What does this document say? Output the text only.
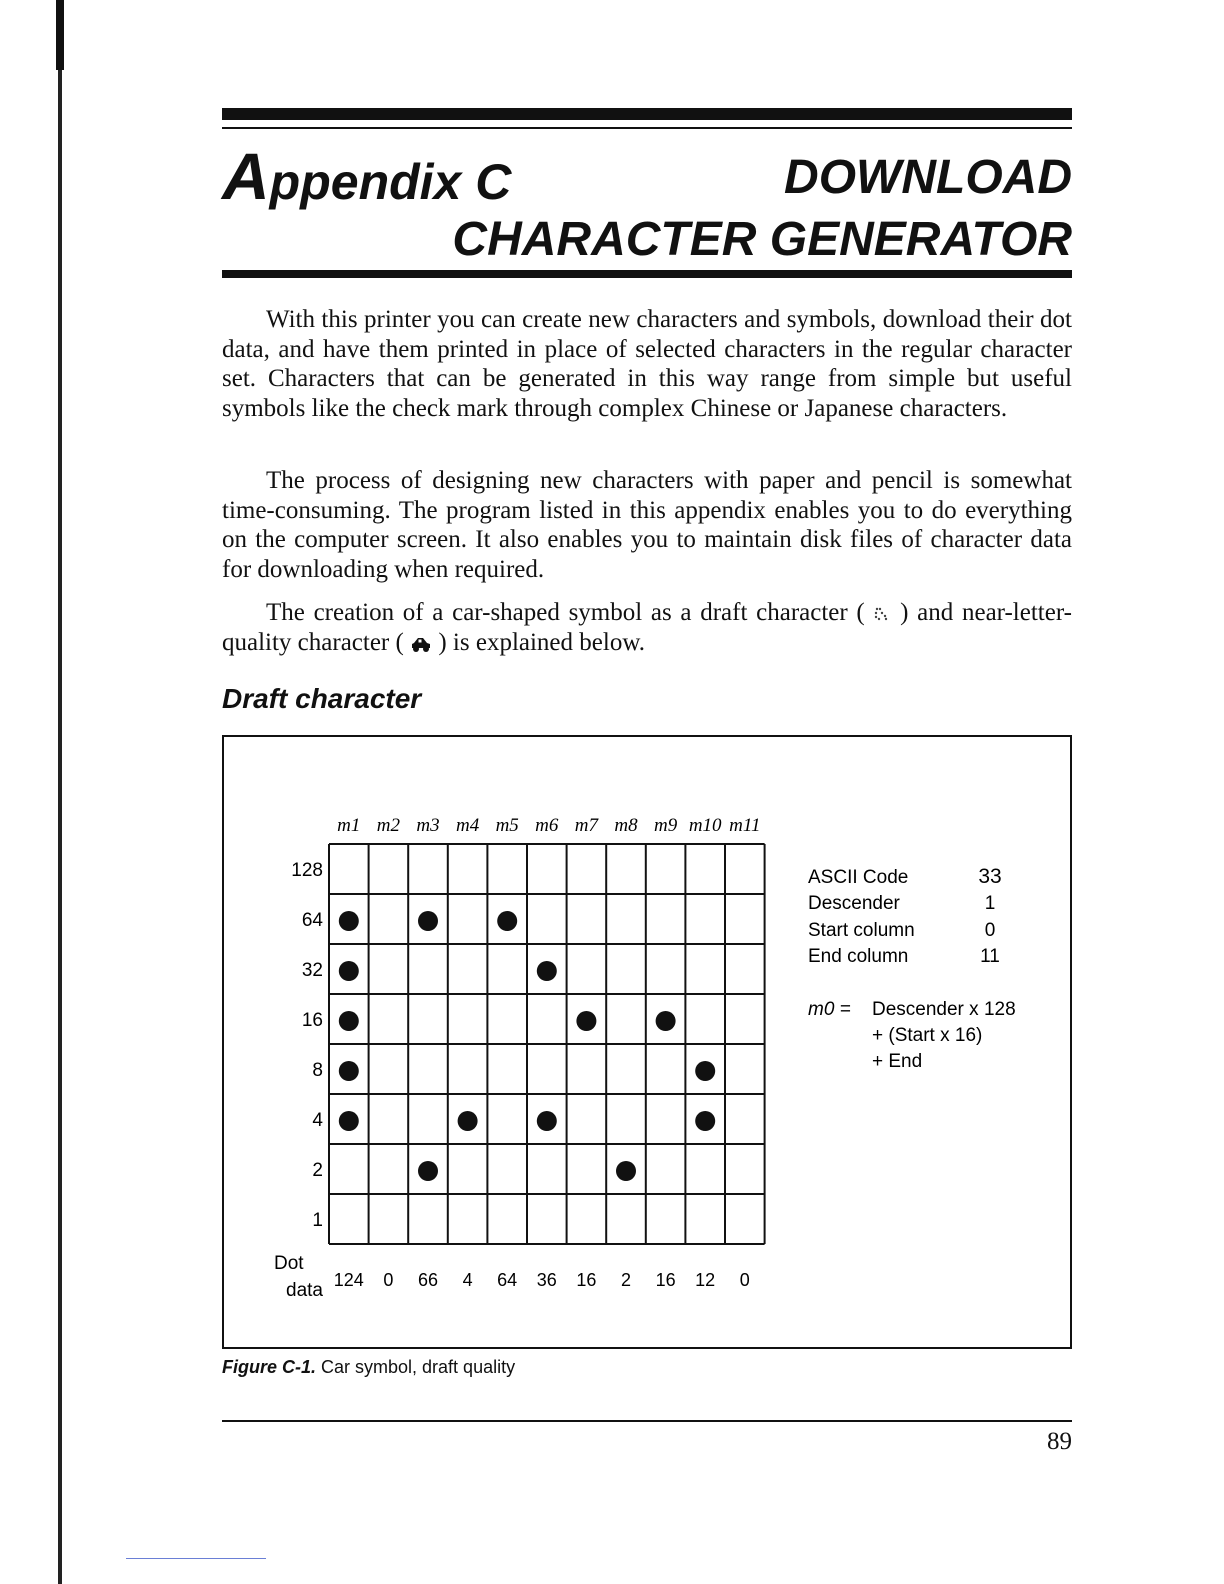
Appendix C	DOWNLOAD
CHARACTER GENERATOR
With this printer you can create new characters and symbols, download their dot data, and have them printed in place of selected characters in the regular character set. Characters that can be generated in this way range from simple but useful symbols like the check mark through complex Chinese or Japanese characters.
The process of designing new characters with paper and pencil is somewhat time-consuming. The program listed in this appendix enables you to do everything on the computer screen. It also enables you to maintain disk files of character data for downloading when required.
The creation of a car-shaped symbol as a draft character ( ) and near-letter-quality character ( ) is explained below.
Draft character
m1 m2 m3 m4 m5 m6 m7 m8 m9 m10 m11
128
64
32
16
8
4
2
1
Dot
data 124 0 66 4 64 36 16 2 16 12 0
ASCII Code	33
Descender	1
Start column	0
End column	11
m0 = Descender x 128
+ (Start x 16)
+ End
Figure C-1. Car symbol, draft quality
89
